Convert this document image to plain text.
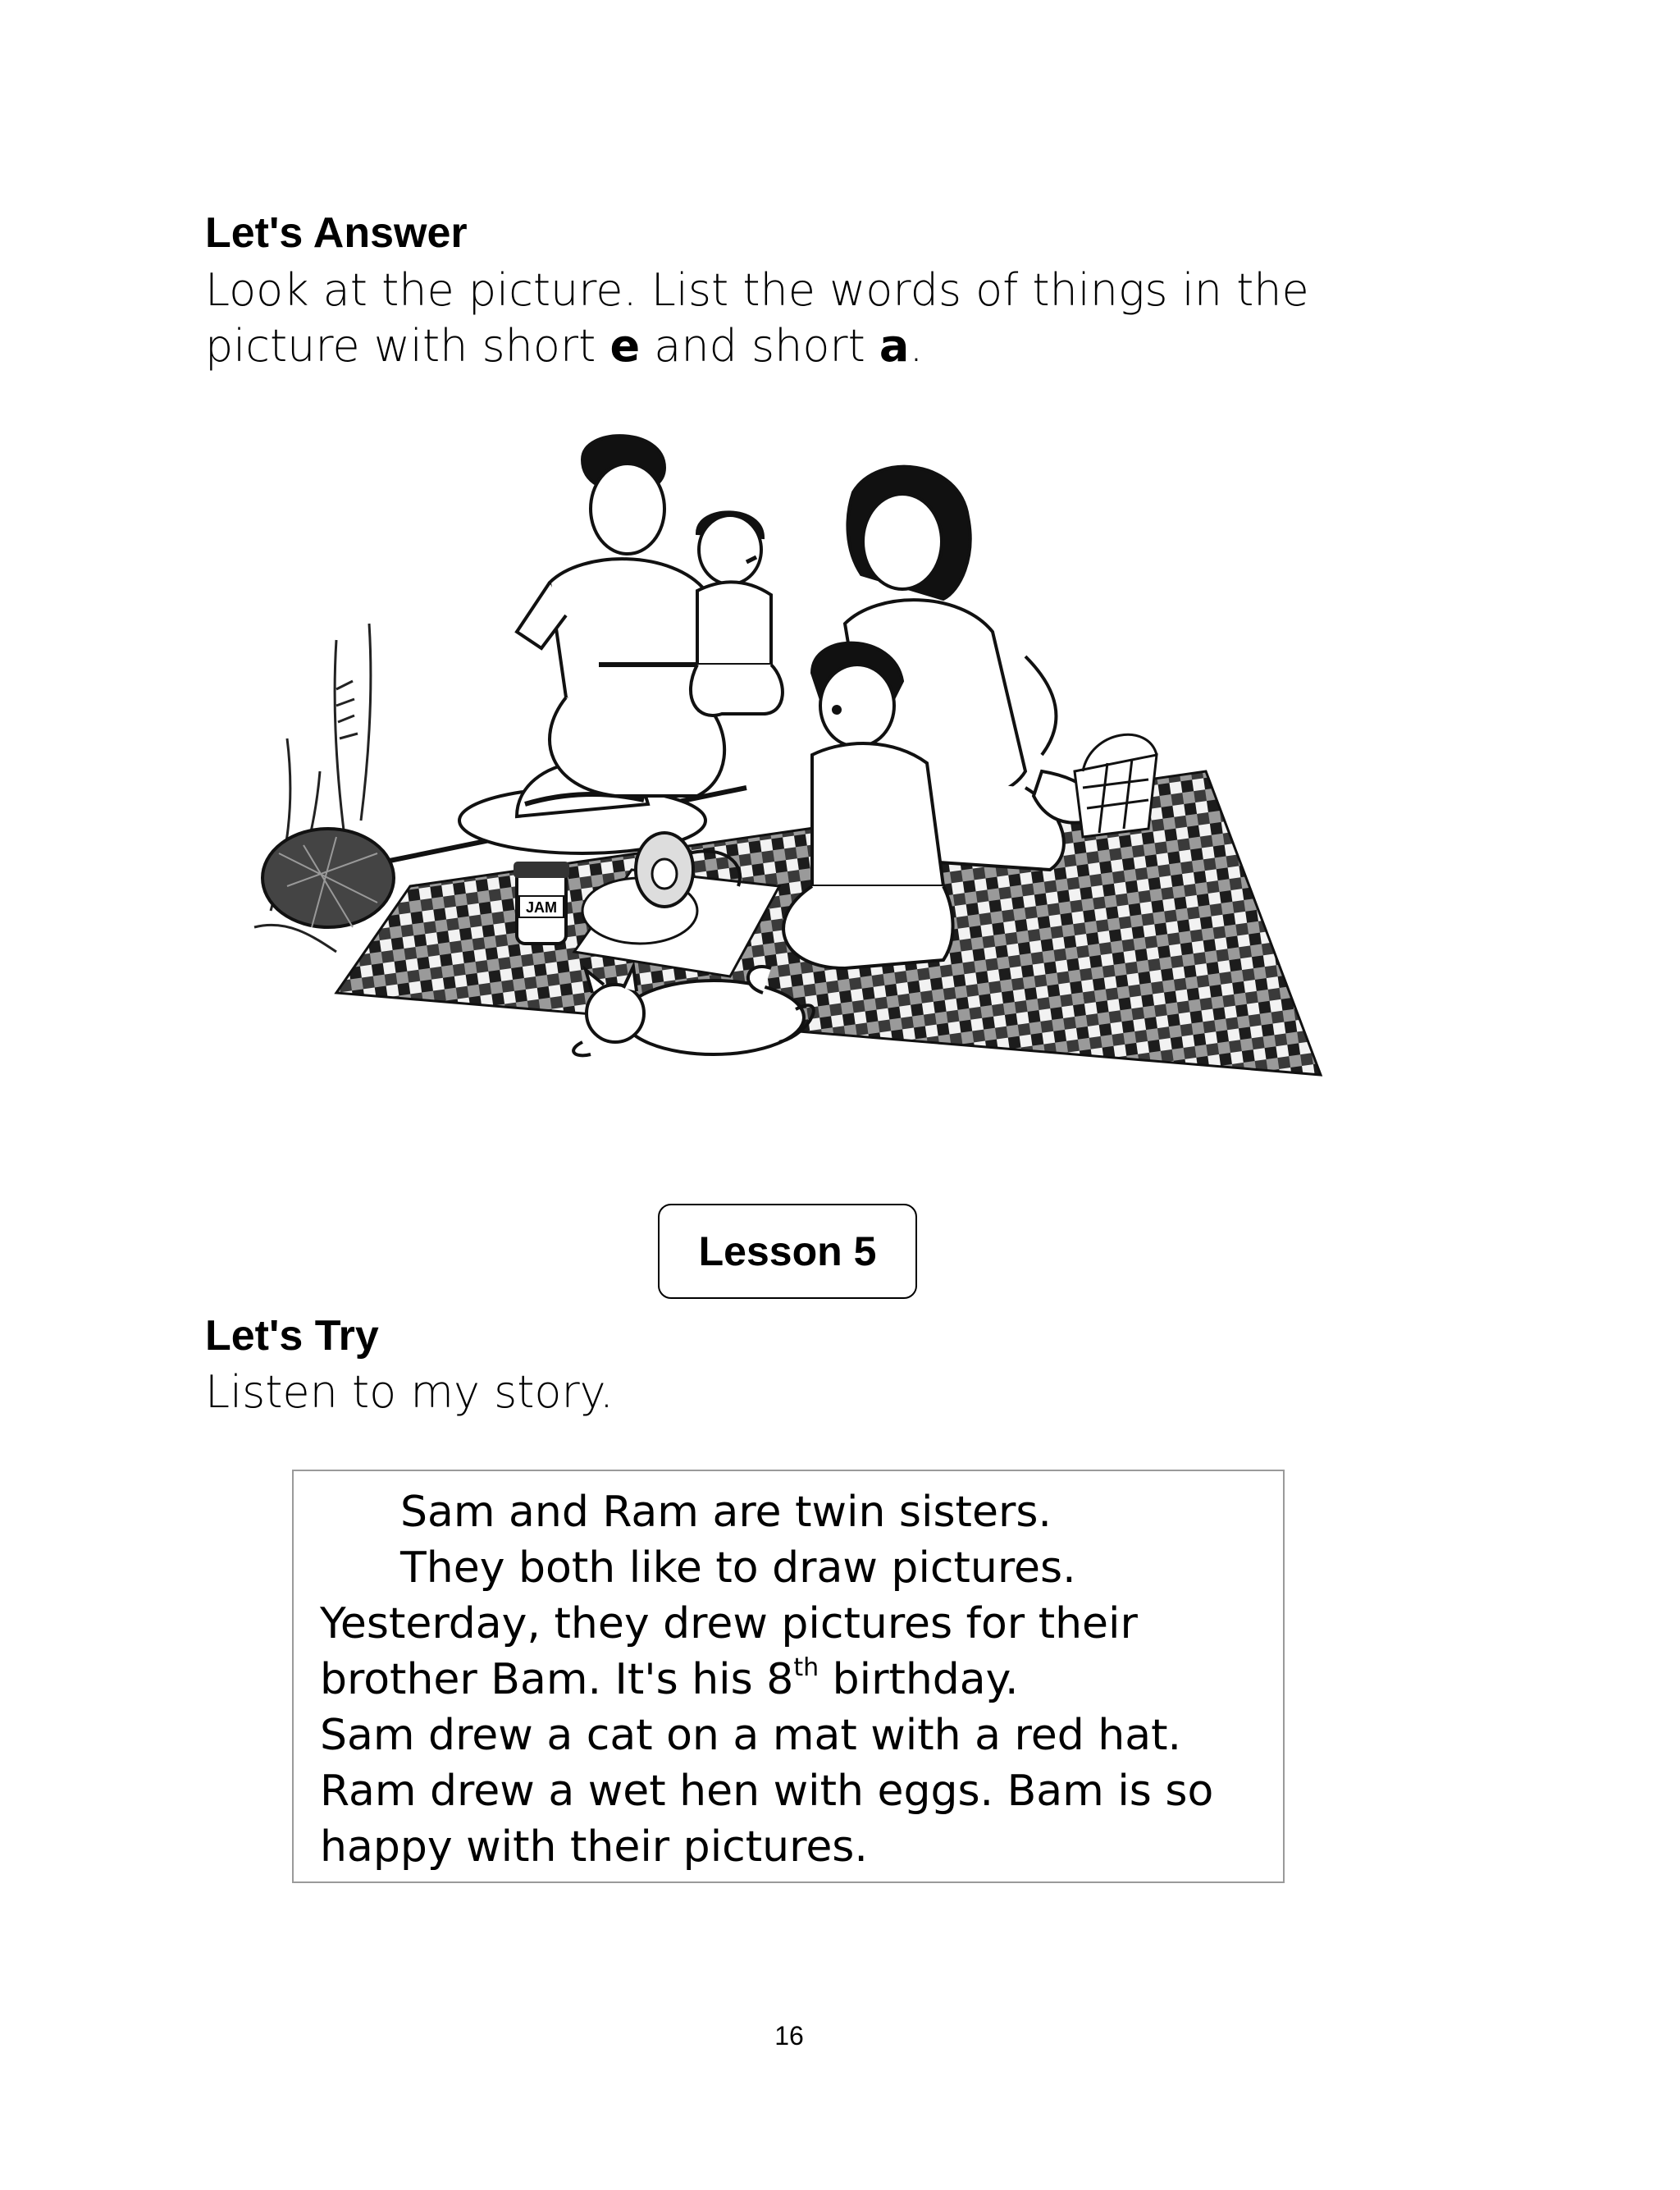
Let's Answer
Look at the picture. List the words of things in the
picture with short e and short a.
JAM
Lesson 5
Let's Try
Listen to my story.
Sam and Ram are twin sisters.
They both like to draw pictures.
Yesterday, they drew pictures for their
brother Bam. It's his 8th birthday.
Sam drew a cat on a mat with a red hat.
Ram drew a wet hen with eggs. Bam is so
happy with their pictures.
16
